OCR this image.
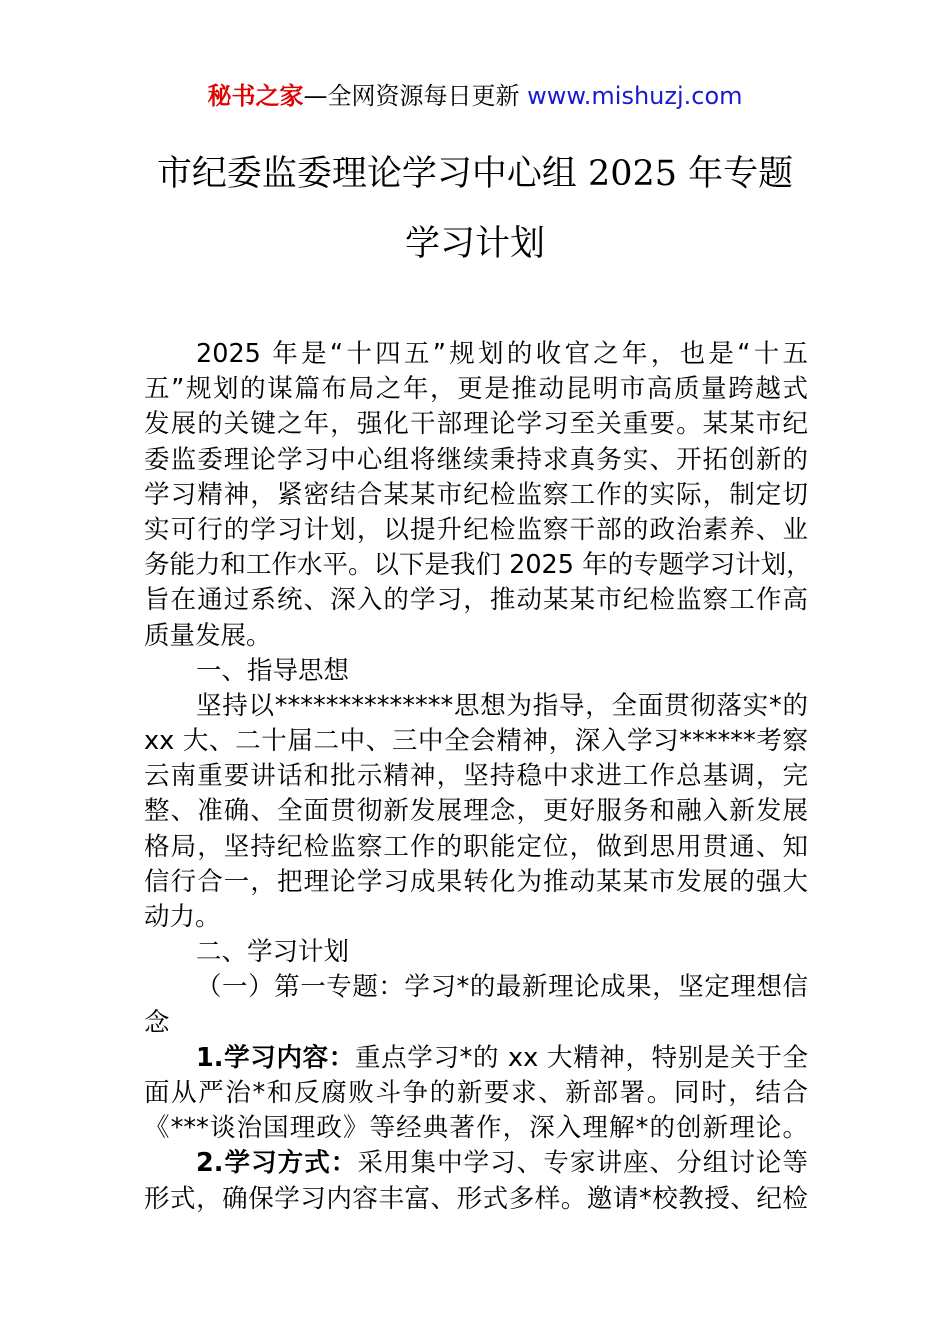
秘书之家—全网资源每日更新 www.mishuzj.com
市纪委监委理论学习中心组 2025 年专题
学习计划
2025 年是“十四五”规划的收官之年，也是“十五
五”规划的谋篇布局之年，更是推动昆明市高质量跨越式
发展的关键之年，强化干部理论学习至关重要。某某市纪
委监委理论学习中心组将继续秉持求真务实、开拓创新的
学习精神，紧密结合某某市纪检监察工作的实际，制定切
实可行的学习计划，以提升纪检监察干部的政治素养、业
务能力和工作水平。以下是我们 2025 年的专题学习计划，
旨在通过系统、深入的学习，推动某某市纪检监察工作高
质量发展。
一、指导思想
坚持以**************思想为指导，全面贯彻落实*的
xx 大、二十届二中、三中全会精神，深入学习******考察
云南重要讲话和批示精神，坚持稳中求进工作总基调，完
整、准确、全面贯彻新发展理念，更好服务和融入新发展
格局，坚持纪检监察工作的职能定位，做到思用贯通、知
信行合一，把理论学习成果转化为推动某某市发展的强大
动力。
二、学习计划
（一）第一专题：学习*的最新理论成果，坚定理想信
念
1.学习内容：重点学习*的 xx 大精神，特别是关于全
面从严治*和反腐败斗争的新要求、新部署。同时，结合
《***谈治国理政》等经典著作，深入理解*的创新理论。
2.学习方式：采用集中学习、专家讲座、分组讨论等
形式，确保学习内容丰富、形式多样。邀请*校教授、纪检
